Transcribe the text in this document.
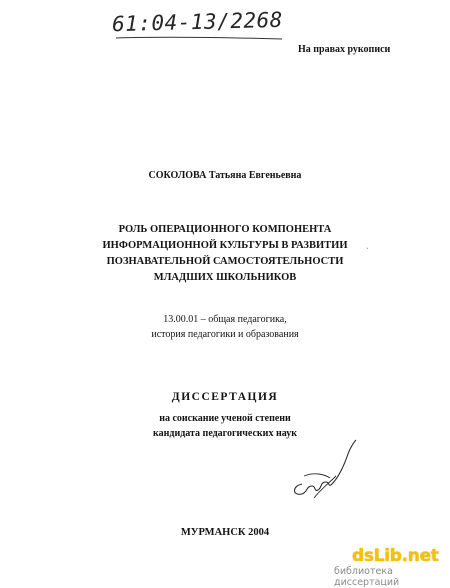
61:04-13/2268
На правах рукописи
СОКОЛОВА Татьяна Евгеньевна
РОЛЬ ОПЕРАЦИОННОГО КОМПОНЕНТА
ИНФОРМАЦИОННОЙ КУЛЬТУРЫ В РАЗВИТИИ
ПОЗНАВАТЕЛЬНОЙ САМОСТОЯТЕЛЬНОСТИ
МЛАДШИХ ШКОЛЬНИКОВ
ˎ
13.00.01 – общая педагогика,
история педагогики и образования
ДИССЕРТАЦИЯ
на соискание ученой степени
кандидата педагогических наук
МУРМАНСК 2004
dsLib.net
библиотека диссертаций
